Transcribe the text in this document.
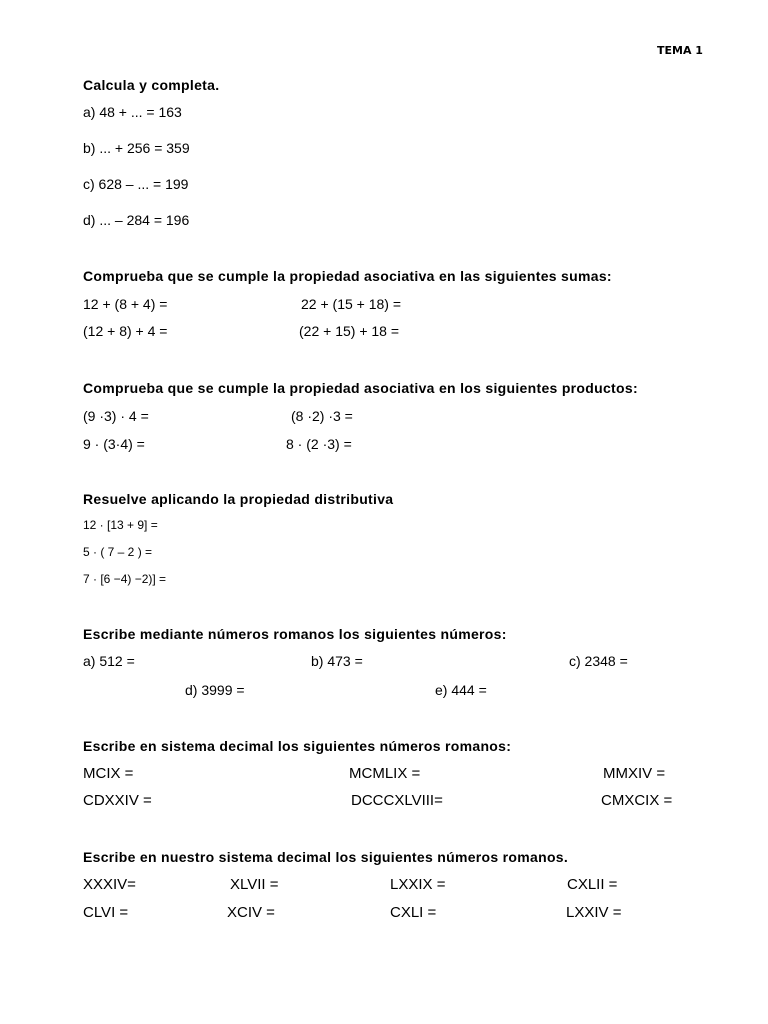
TEMA 1
Calcula y completa.
a) 48 + ... = 163
b) ... + 256 = 359
c) 628 – ... = 199
d) ... – 284 = 196
Comprueba que se cumple la propiedad asociativa en las siguientes sumas:
12 + (8 + 4) =	22 + (15 + 18) =
(12 + 8) + 4 =	(22 + 15) + 18 =
Comprueba que se cumple la propiedad asociativa en los siguientes productos:
(9 ·3) · 4 =	(8 ·2) ·3 =
9 · (3·4) =	8 · (2 ·3) =
Resuelve aplicando la propiedad distributiva
12 · [13 + 9] =
5 · ( 7 – 2 ) =
7 · [6 −4) −2)] =
Escribe mediante números romanos los siguientes números:
a) 512 =	b) 473 =	c) 2348 =
d) 3999 =	e) 444 =
Escribe en sistema decimal los siguientes números romanos:
MCIX =	MCMLIX =	MMXIV =
CDXXIV =	DCCCXLVIII=	CMXCIX =
Escribe en nuestro sistema decimal los siguientes números romanos.
XXXIV=	XLVII =	LXXIX =	CXLII =
CLVI =	XCIV =	CXLI =	LXXIV =
